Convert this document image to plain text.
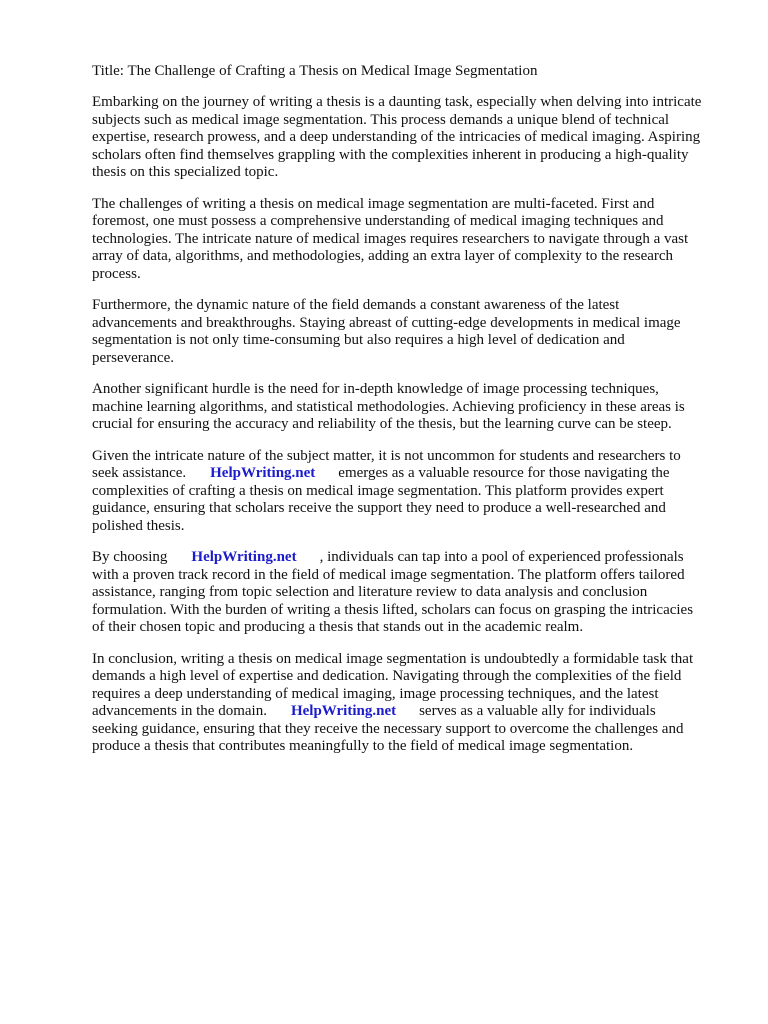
Title: The Challenge of Crafting a Thesis on Medical Image Segmentation
Embarking on the journey of writing a thesis is a daunting task, especially when delving into intricate
subjects such as medical image segmentation. This process demands a unique blend of technical
expertise, research prowess, and a deep understanding of the intricacies of medical imaging. Aspiring
scholars often find themselves grappling with the complexities inherent in producing a high-quality
thesis on this specialized topic.
The challenges of writing a thesis on medical image segmentation are multi-faceted. First and
foremost, one must possess a comprehensive understanding of medical imaging techniques and
technologies. The intricate nature of medical images requires researchers to navigate through a vast
array of data, algorithms, and methodologies, adding an extra layer of complexity to the research
process.
Furthermore, the dynamic nature of the field demands a constant awareness of the latest
advancements and breakthroughs. Staying abreast of cutting-edge developments in medical image
segmentation is not only time-consuming but also requires a high level of dedication and
perseverance.
Another significant hurdle is the need for in-depth knowledge of image processing techniques,
machine learning algorithms, and statistical methodologies. Achieving proficiency in these areas is
crucial for ensuring the accuracy and reliability of the thesis, but the learning curve can be steep.
Given the intricate nature of the subject matter, it is not uncommon for students and researchers to
seek assistance. HelpWriting.net emerges as a valuable resource for those navigating the
complexities of crafting a thesis on medical image segmentation. This platform provides expert
guidance, ensuring that scholars receive the support they need to produce a well-researched and
polished thesis.
By choosing HelpWriting.net , individuals can tap into a pool of experienced professionals
with a proven track record in the field of medical image segmentation. The platform offers tailored
assistance, ranging from topic selection and literature review to data analysis and conclusion
formulation. With the burden of writing a thesis lifted, scholars can focus on grasping the intricacies
of their chosen topic and producing a thesis that stands out in the academic realm.
In conclusion, writing a thesis on medical image segmentation is undoubtedly a formidable task that
demands a high level of expertise and dedication. Navigating through the complexities of the field
requires a deep understanding of medical imaging, image processing techniques, and the latest
advancements in the domain. HelpWriting.net serves as a valuable ally for individuals
seeking guidance, ensuring that they receive the necessary support to overcome the challenges and
produce a thesis that contributes meaningfully to the field of medical image segmentation.
